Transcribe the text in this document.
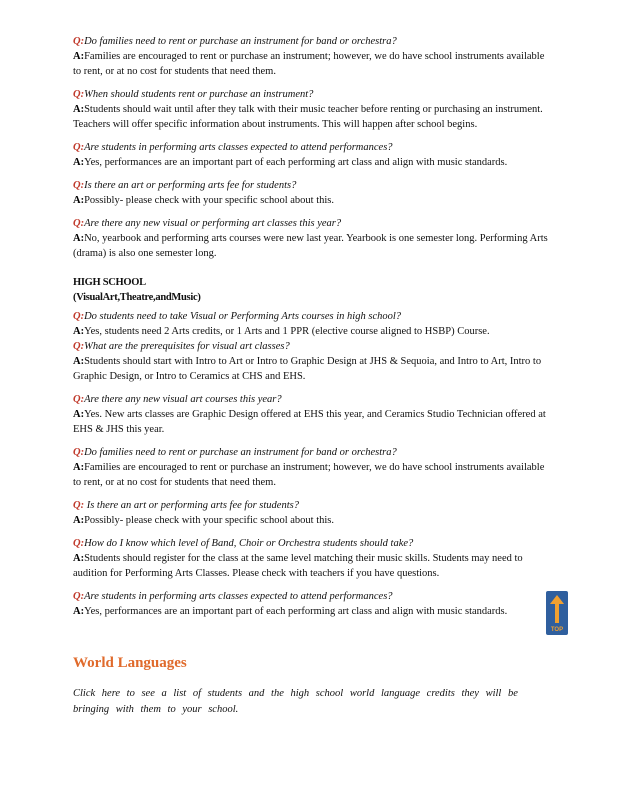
Q:Do families need to rent or purchase an instrument for band or orchestra?
A:Families are encouraged to rent or purchase an instrument; however, we do have school instruments available to rent, or at no cost for students that need them.
Q:When should students rent or purchase an instrument?
A:Students should wait until after they talk with their music teacher before renting or purchasing an instrument. Teachers will offer specific information about instruments. This will happen after school begins.
Q:Are students in performing arts classes expected to attend performances?
A:Yes, performances are an important part of each performing art class and align with music standards.
Q:Is there an art or performing arts fee for students?
A:Possibly- please check with your specific school about this.
Q:Are there any new visual or performing art classes this year?
A:No, yearbook and performing arts courses were new last year. Yearbook is one semester long. Performing Arts (drama) is also one semester long.
HIGH SCHOOL
(VisualArt,Theatre,andMusic)
Q:Do students need to take Visual or Performing Arts courses in high school?
A:Yes, students need 2 Arts credits, or 1 Arts and 1 PPR (elective course aligned to HSBP) Course.
Q:What are the prerequisites for visual art classes?
A:Students should start with Intro to Art or Intro to Graphic Design at JHS & Sequoia, and Intro to Art, Intro to Graphic Design, or Intro to Ceramics at CHS and EHS.
Q:Are there any new visual art courses this year?
A:Yes. New arts classes are Graphic Design offered at EHS this year, and Ceramics Studio Technician offered at EHS & JHS this year.
Q:Do families need to rent or purchase an instrument for band or orchestra?
A:Families are encouraged to rent or purchase an instrument; however, we do have school instruments available to rent, or at no cost for students that need them.
Q: Is there an art or performing arts fee for students?
A:Possibly- please check with your specific school about this.
Q:How do I know which level of Band, Choir or Orchestra students should take?
A:Students should register for the class at the same level matching their music skills. Students may need to audition for Performing Arts Classes. Please check with teachers if you have questions.
Q:Are students in performing arts classes expected to attend performances?
A:Yes, performances are an important part of each performing art class and align with music standards.
World Languages
Click here to see a list of students and the high school world language credits they will be bringing with them to your school.
TOP
